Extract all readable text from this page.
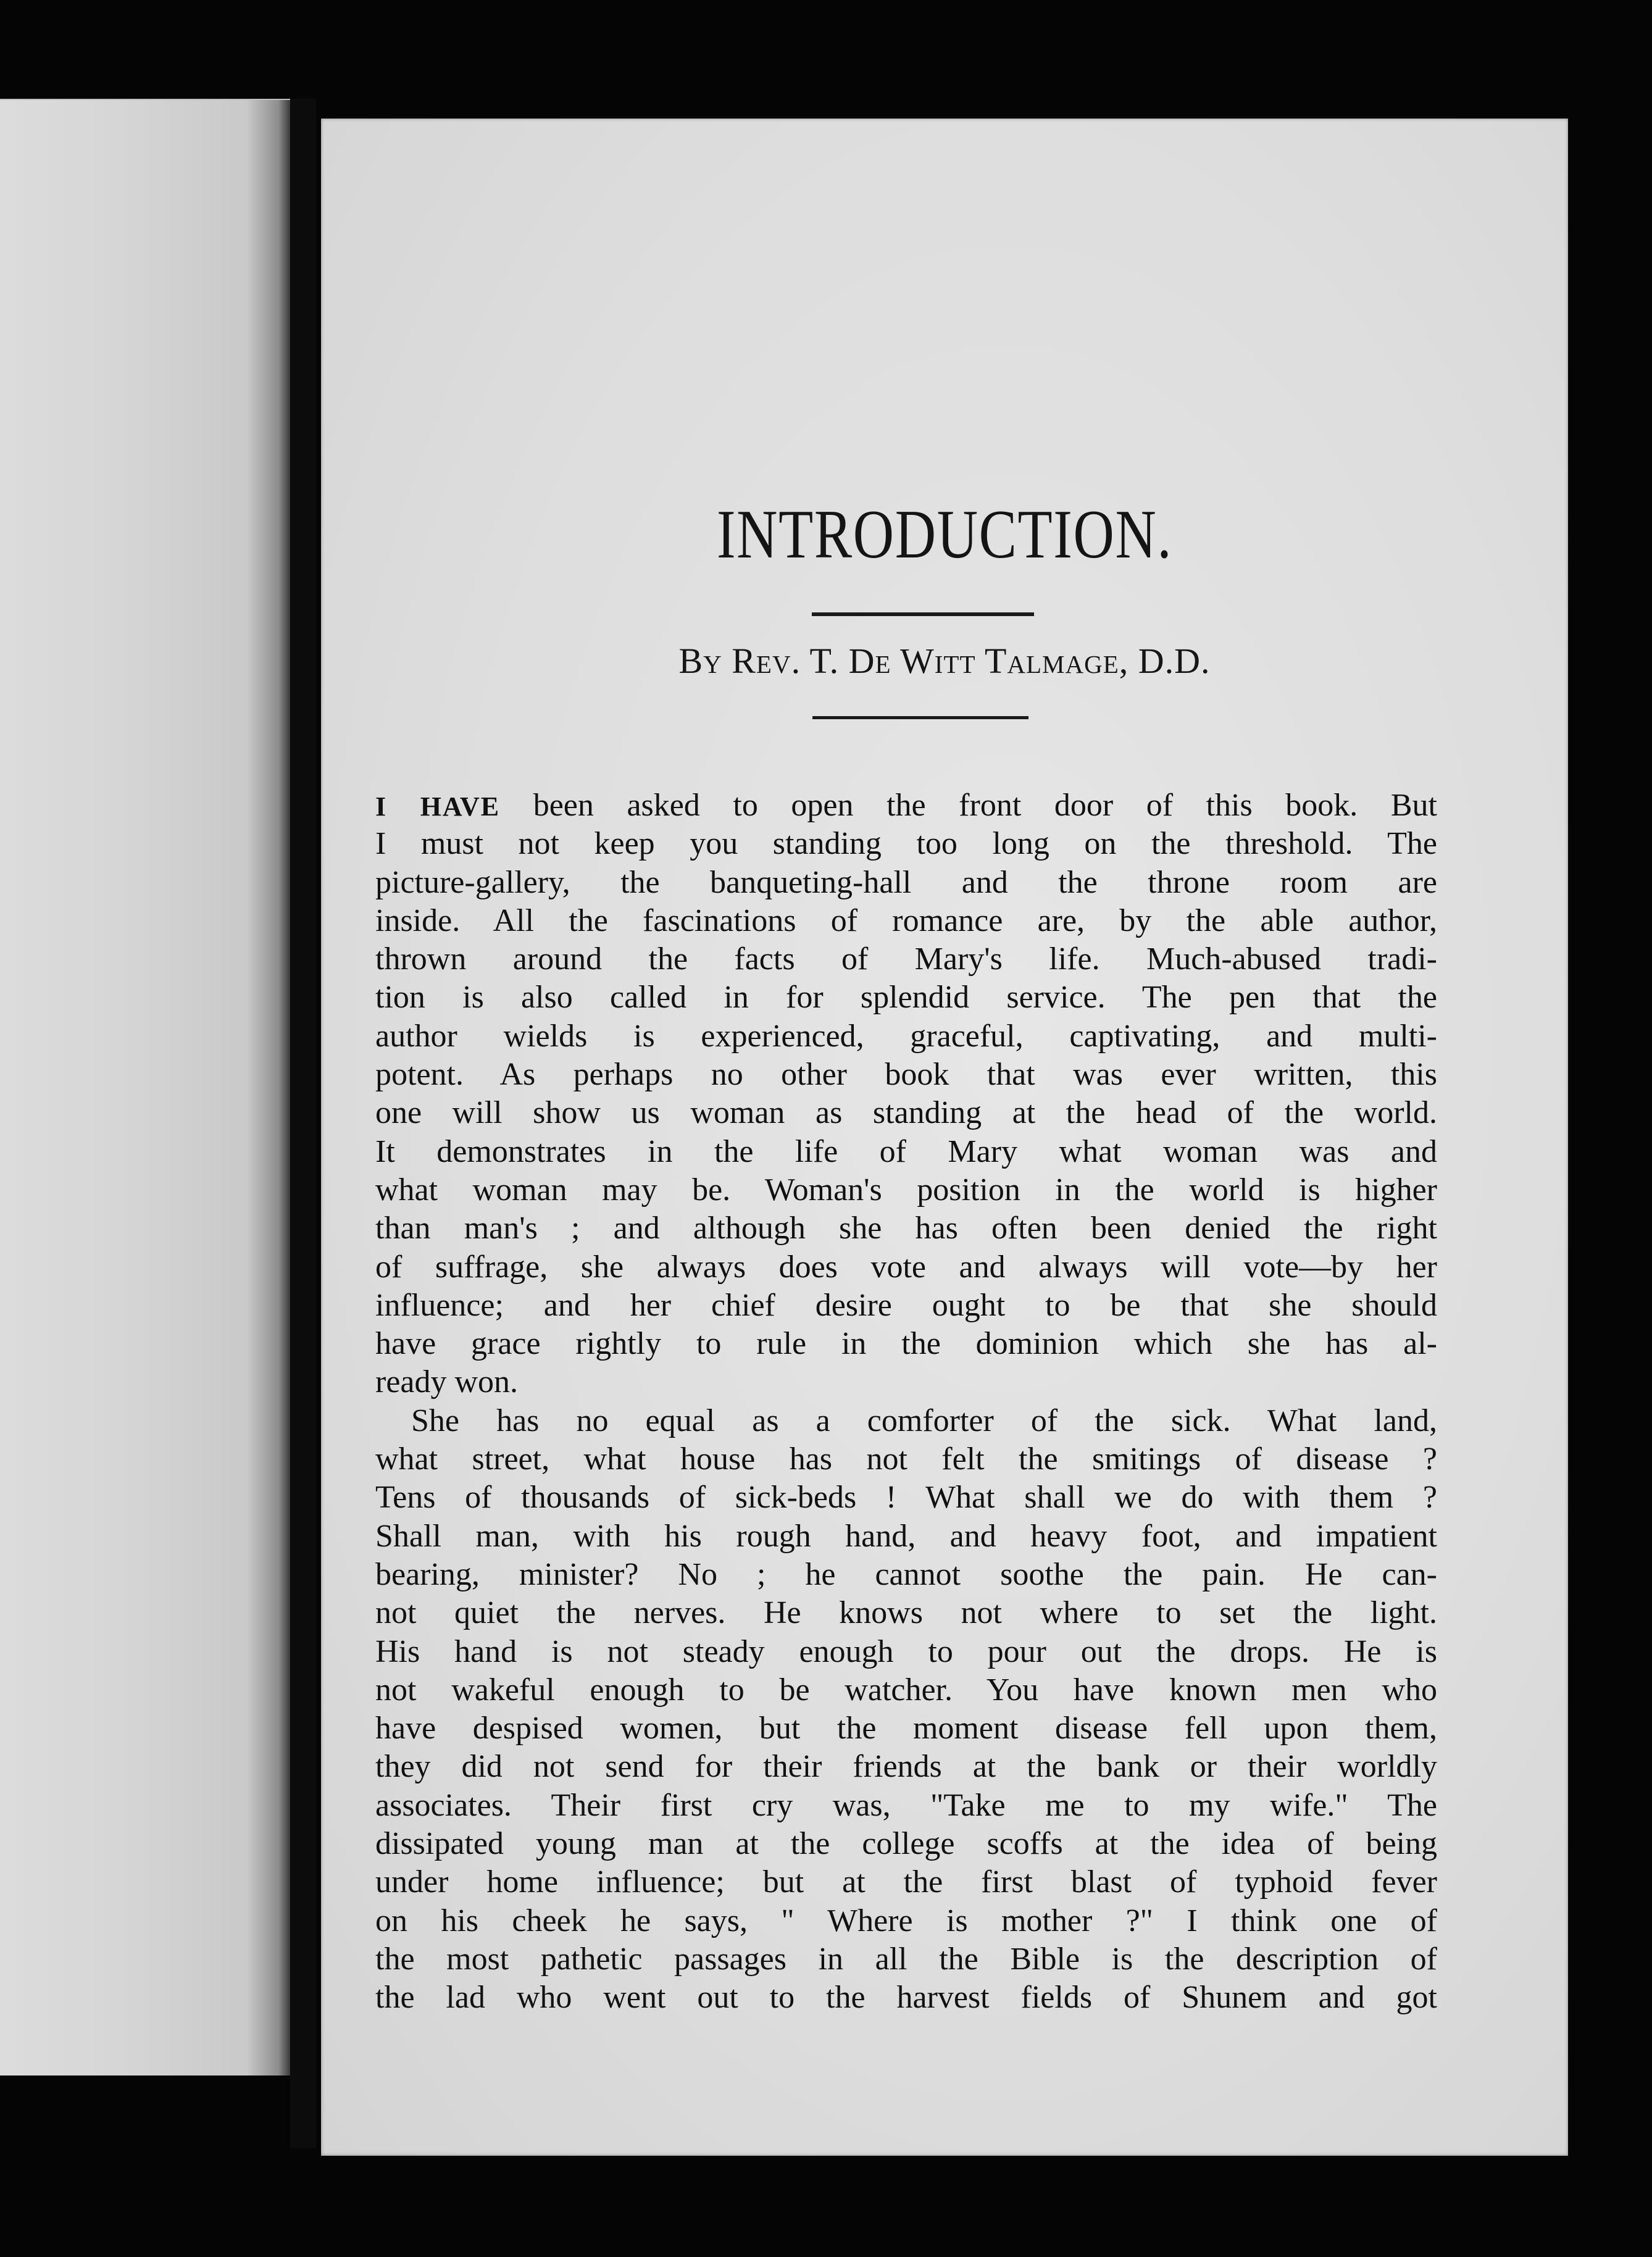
INTRODUCTION.
By Rev. T. De Witt Talmage, D.D.
I HAVE been asked to open the front door of this book. But
I must not keep you standing too long on the threshold. The
picture-gallery, the banqueting-hall and the throne room are
inside. All the fascinations of romance are, by the able author,
thrown around the facts of Mary's life. Much-abused tradi-
tion is also called in for splendid service. The pen that the
author wields is experienced, graceful, captivating, and multi-
potent. As perhaps no other book that was ever written, this
one will show us woman as standing at the head of the world.
It demonstrates in the life of Mary what woman was and
what woman may be. Woman's position in the world is higher
than man's ; and although she has often been denied the right
of suffrage, she always does vote and always will vote—by her
influence; and her chief desire ought to be that she should
have grace rightly to rule in the dominion which she has al-
ready won.
She has no equal as a comforter of the sick. What land,
what street, what house has not felt the smitings of disease ?
Tens of thousands of sick-beds ! What shall we do with them ?
Shall man, with his rough hand, and heavy foot, and impatient
bearing, minister? No ; he cannot soothe the pain. He can-
not quiet the nerves. He knows not where to set the light.
His hand is not steady enough to pour out the drops. He is
not wakeful enough to be watcher. You have known men who
have despised women, but the moment disease fell upon them,
they did not send for their friends at the bank or their worldly
associates. Their first cry was, "Take me to my wife." The
dissipated young man at the college scoffs at the idea of being
under home influence; but at the first blast of typhoid fever
on his cheek he says, " Where is mother ?" I think one of
the most pathetic passages in all the Bible is the description of
the lad who went out to the harvest fields of Shunem and got
